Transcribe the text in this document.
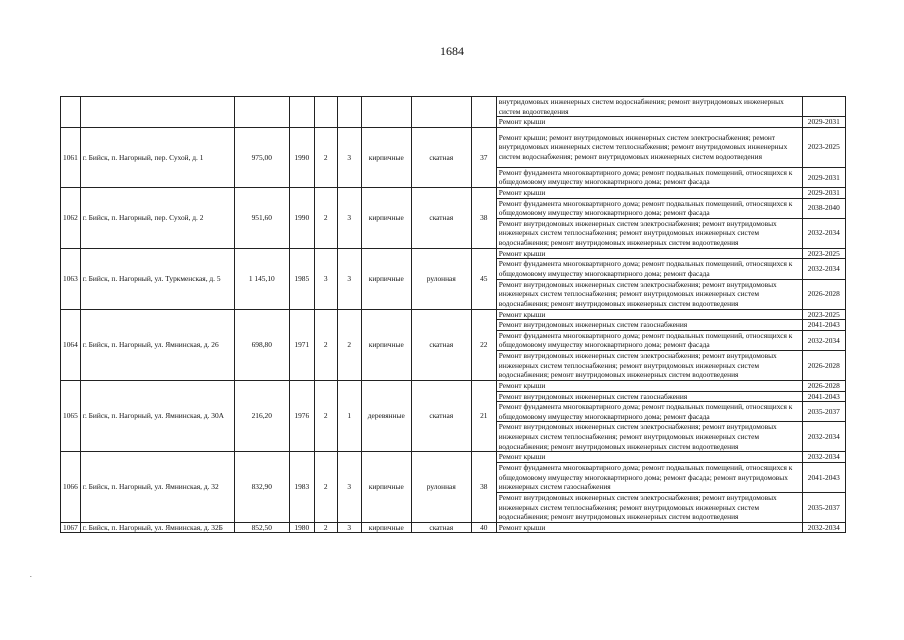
1684
									внутридомовых инженерных систем водоснабжения; ремонт внутридомовых инженерных систем водоотведения	
									Ремонт крыши	2029-2031
1061	г. Бийск, п. Нагорный, пер. Сухой, д. 1	975,00	1990	2	3	кирпичные	скатная	37	Ремонт крыши; ремонт внутридомовых инженерных систем электроснабжения; ремонт внутридомовых инженерных систем теплоснабжения; ремонт внутридомовых инженерных систем водоснабжения; ремонт внутридомовых инженерных систем водоотведения	2023-2025
									Ремонт фундамента многоквартирного дома; ремонт подвальных помещений, относящихся к общедомовому имуществу многоквартирного дома; ремонт фасада	2029-2031
1062	г. Бийск, п. Нагорный, пер. Сухой, д. 2	951,60	1990	2	3	кирпичные	скатная	38	Ремонт крыши	2029-2031
									Ремонт фундамента многоквартирного дома; ремонт подвальных помещений, относящихся к общедомовому имуществу многоквартирного дома; ремонт фасада	2038-2040
									Ремонт внутридомовых инженерных систем электроснабжения; ремонт внутридомовых инженерных систем теплоснабжения; ремонт внутридомовых инженерных систем водоснабжения; ремонт внутридомовых инженерных систем водоотведения	2032-2034
1063	г. Бийск, п. Нагорный, ул. Туркменская, д. 5	1 145,10	1985	3	3	кирпичные	рулонная	45	Ремонт крыши	2023-2025
									Ремонт фундамента многоквартирного дома; ремонт подвальных помещений, относящихся к общедомовому имуществу многоквартирного дома; ремонт фасада	2032-2034
									Ремонт внутридомовых инженерных систем электроснабжения; ремонт внутридомовых инженерных систем теплоснабжения; ремонт внутридомовых инженерных систем водоснабжения; ремонт внутридомовых инженерных систем водоотведения	2026-2028
1064	г. Бийск, п. Нагорный, ул. Ямнинская, д. 26	698,80	1971	2	2	кирпичные	скатная	22	Ремонт крыши	2023-2025
									Ремонт внутридомовых инженерных систем газоснабжения	2041-2043
									Ремонт фундамента многоквартирного дома; ремонт подвальных помещений, относящихся к общедомовому имуществу многоквартирного дома; ремонт фасада	2032-2034
									Ремонт внутридомовых инженерных систем электроснабжения; ремонт внутридомовых инженерных систем теплоснабжения; ремонт внутридомовых инженерных систем водоснабжения; ремонт внутридомовых инженерных систем водоотведения	2026-2028
1065	г. Бийск, п. Нагорный, ул. Ямнинская, д. 30А	216,20	1976	2	1	деревянные	скатная	21	Ремонт крыши	2026-2028
									Ремонт внутридомовых инженерных систем газоснабжения	2041-2043
									Ремонт фундамента многоквартирного дома; ремонт подвальных помещений, относящихся к общедомовому имуществу многоквартирного дома; ремонт фасада	2035-2037
									Ремонт внутридомовых инженерных систем электроснабжения; ремонт внутридомовых инженерных систем теплоснабжения; ремонт внутридомовых инженерных систем водоснабжения; ремонт внутридомовых инженерных систем водоотведения	2032-2034
1066	г. Бийск, п. Нагорный, ул. Ямнинская, д. 32	832,90	1983	2	3	кирпичные	рулонная	38	Ремонт крыши	2032-2034
									Ремонт фундамента многоквартирного дома; ремонт подвальных помещений, относящихся к общедомовому имуществу многоквартирного дома; ремонт фасада; ремонт внутридомовых инженерных систем газоснабжения	2041-2043
									Ремонт внутридомовых инженерных систем электроснабжения; ремонт внутридомовых инженерных систем теплоснабжения; ремонт внутридомовых инженерных систем водоснабжения; ремонт внутридомовых инженерных систем водоотведения	2035-2037
1067	г. Бийск, п. Нагорный, ул. Ямнинская, д. 32Б	852,50	1980	2	3	кирпичные	скатная	40	Ремонт крыши	2032-2034
.
